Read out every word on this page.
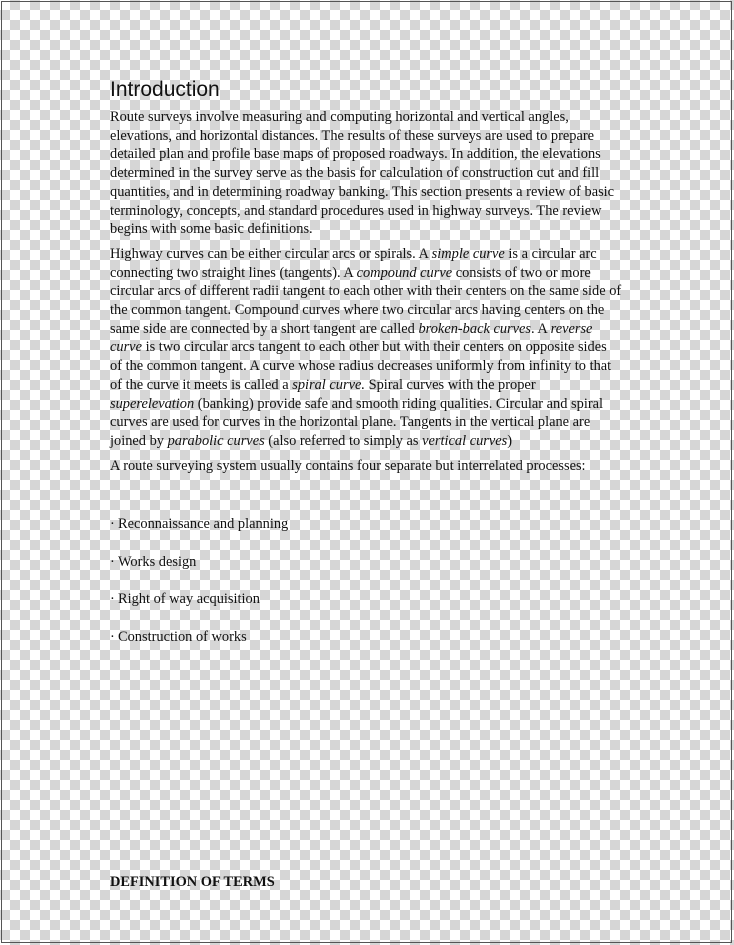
Introduction

Route surveys involve measuring and computing horizontal and vertical angles, elevations, and horizontal distances. The results of these surveys are used to prepare detailed plan and profile base maps of proposed roadways. In addition, the elevations determined in the survey serve as the basis for calculation of construction cut and fill quantities, and in determining roadway banking. This section presents a review of basic terminology, concepts, and standard procedures used in highway surveys. The review begins with some basic definitions.

Highway curves can be either circular arcs or spirals. A simple curve is a circular arc connecting two straight lines (tangents). A compound curve consists of two or more circular arcs of different radii tangent to each other with their centers on the same side of the common tangent. Compound curves where two circular arcs having centers on the same side are connected by a short tangent are called broken-back curves. A reverse curve is two circular arcs tangent to each other but with their centers on opposite sides of the common tangent. A curve whose radius decreases uniformly from infinity to that of the curve it meets is called a spiral curve. Spiral curves with the proper superelevation (banking) provide safe and smooth riding qualities. Circular and spiral curves are used for curves in the horizontal plane. Tangents in the vertical plane are joined by parabolic curves (also referred to simply as vertical curves)

A route surveying system usually contains four separate but interrelated processes:

· Reconnaissance and planning
· Works design
· Right of way acquisition
· Construction of works
DEFINITION OF TERMS
